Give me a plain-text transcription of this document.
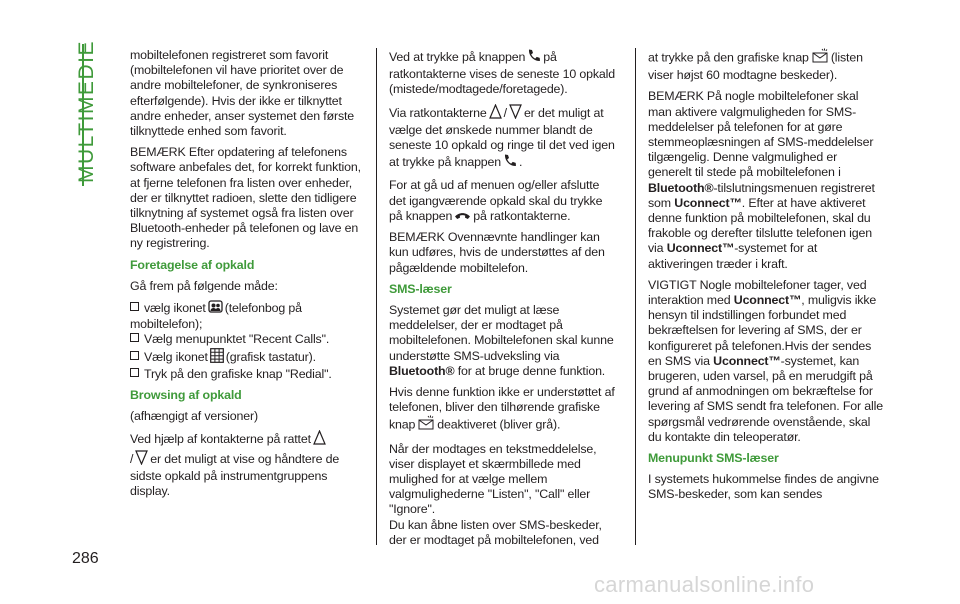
MULTIMEDIE	mobiltelefonen registreret som favorit (mobiltelefonen vil have prioritet over de andre mobiltelefoner, de synkroniseres efterfølgende). Hvis der ikke er tilknyttet andre enheder, anser systemet den første tilknyttede enhed som favorit.

BEMÆRK Efter opdatering af telefonens software anbefales det, for korrekt funktion, at fjerne telefonen fra listen over enheder, der er tilknyttet radioen, slette den tidligere tilknytning af systemet også fra listen over Bluetooth-enheder på telefonen og lave en ny registrering.

Foretagelse af opkald

Gå frem på følgende måde:

vælg ikonet (telefonbog på mobiltelefon);

Vælg menupunktet "Recent Calls".

Vælg ikonet (grafisk tastatur).

Tryk på den grafiske knap "Redial".

Browsing af opkald

(afhængigt af versioner)

Ved hjælp af kontakterne på rattet
/ er det muligt at vise og håndtere de sidste opkald på instrumentgruppens display.

Ved at trykke på knappen på ratkontakterne vises de seneste 10 opkald (mistede/modtagede/foretagede).

Via ratkontakterne / er det muligt at vælge det ønskede nummer blandt de seneste 10 opkald og ringe til det ved igen at trykke på knappen .

For at gå ud af menuen og/eller afslutte det igangværende opkald skal du trykke på knappen på ratkontakterne.

BEMÆRK Ovennævnte handlinger kan kun udføres, hvis de understøttes af den pågældende mobiltelefon.

SMS-læser

Systemet gør det muligt at læse meddelelser, der er modtaget på mobiltelefonen. Mobiltelefonen skal kunne understøtte SMS-udveksling via Bluetooth® for at bruge denne funktion.

Hvis denne funktion ikke er understøttet af telefonen, bliver den tilhørende grafiske knap deaktiveret (bliver grå).

Når der modtages en tekstmeddelelse, viser displayet et skærmbillede med mulighed for at vælge mellem valgmulighederne "Listen", "Call" eller "Ignore".

Du kan åbne listen over SMS-beskeder, der er modtaget på mobiltelefonen, ved

at trykke på den grafiske knap (listen viser højst 60 modtagne beskeder).

BEMÆRK På nogle mobiltelefoner skal man aktivere valgmuligheden for SMS-meddelelser på telefonen for at gøre stemmeoplæsningen af SMS-meddelelser tilgængelig. Denne valgmulighed er generelt til stede på mobiltelefonen i Bluetooth®-tilslutningsmenuen registreret som Uconnect™. Efter at have aktiveret denne funktion på mobiltelefonen, skal du frakoble og derefter tilslutte telefonen igen via Uconnect™-systemet for at aktiveringen træder i kraft.

VIGTIGT Nogle mobiltelefoner tager, ved interaktion med Uconnect™, muligvis ikke hensyn til indstillingen forbundet med bekræftelsen for levering af SMS, der er konfigureret på telefonen.Hvis der sendes en SMS via Uconnect™-systemet, kan brugeren, uden varsel, på en merudgift på grund af anmodningen om bekræftelse for levering af SMS sendt fra telefonen. For alle spørgsmål vedrørende ovenstående, skal du kontakte din teleoperatør.

Menupunkt SMS-læser

I systemets hukommelse findes de angivne SMS-beskeder, som kan sendes

286
carmanualsonline.info
